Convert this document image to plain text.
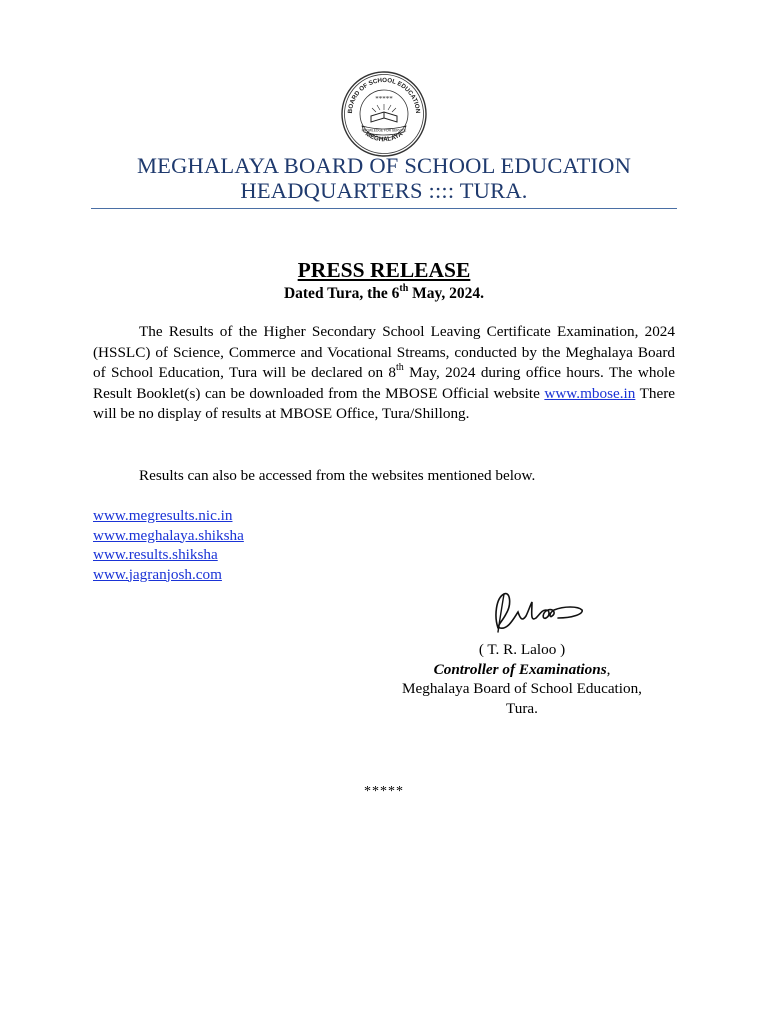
BOARD OF SCHOOL EDUCATION
MEGHALAYA
*****
KNOWLEDGE FOR SERVICE
MEGHALAYA BOARD OF SCHOOL EDUCATION
HEADQUARTERS :::: TURA.
PRESS RELEASE
Dated Tura, the 6th May, 2024.
The Results of the Higher Secondary School Leaving Certificate Examination, 2024 (HSSLC) of Science, Commerce and Vocational Streams, conducted by the Meghalaya Board of School Education, Tura will be declared on 8th May, 2024 during office hours. The whole Result Booklet(s) can be downloaded from the MBOSE Official website www.mbose.in There will be no display of results at MBOSE Office, Tura/Shillong.
Results can also be accessed from the websites mentioned below.
www.megresults.nic.in
www.meghalaya.shiksha
www.results.shiksha
www.jagranjosh.com
( T. R. Laloo )
Controller of Examinations,
Meghalaya Board of School Education,
Tura.
*****
